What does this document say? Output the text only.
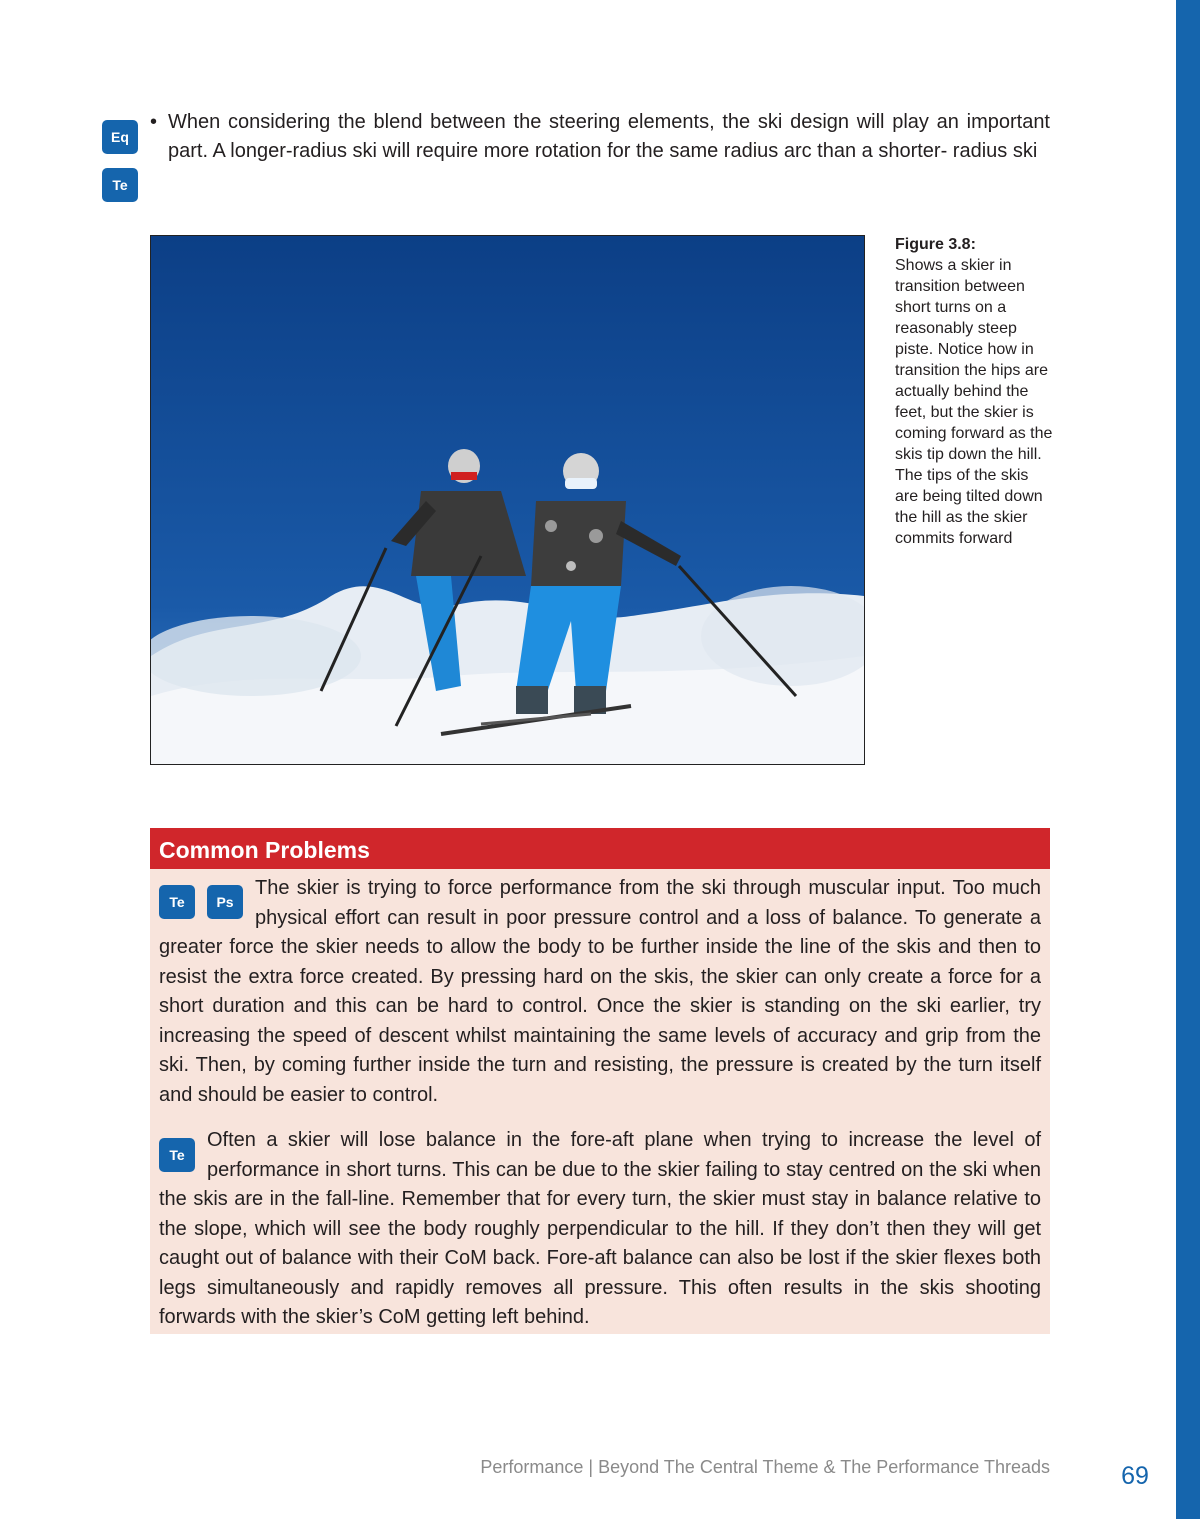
Eq
Te
• When considering the blend between the steering elements, the ski design will play an important part. A longer-radius ski will require more rotation for the same radius arc than a shorter- radius ski
Figure 3.8:
Shows a skier in transition between short turns on a reasonably steep piste. Notice how in transition the hips are actually behind the feet, but the skier is coming forward as the skis tip down the hill. The tips of the skis are being tilted down the hill as the skier commits forward
Common Problems
Te	Ps
The skier is trying to force performance from the ski through muscular input. Too much physical effort can result in poor pressure control and a loss of balance. To generate a greater force the skier needs to allow the body to be further inside the line of the skis and then to resist the extra force created. By pressing hard on the skis, the skier can only create a force for a short duration and this can be hard to control. Once the skier is standing on the ski earlier, try increasing the speed of descent whilst maintaining the same levels of accuracy and grip from the ski. Then, by coming further inside the turn and resisting, the pressure is created by the turn itself and should be easier to control.
Te
Often a skier will lose balance in the fore-aft plane when trying to increase the level of performance in short turns. This can be due to the skier failing to stay centred on the ski when the skis are in the fall-line. Remember that for every turn, the skier must stay in balance relative to the slope, which will see the body roughly perpendicular to the hill. If they don’t then they will get caught out of balance with their CoM back. Fore-aft balance can also be lost if the skier flexes both legs simultaneously and rapidly removes all pressure. This often results in the skis shooting forwards with the skier’s CoM getting left behind.
Performance | Beyond The Central Theme & The Performance Threads	69
